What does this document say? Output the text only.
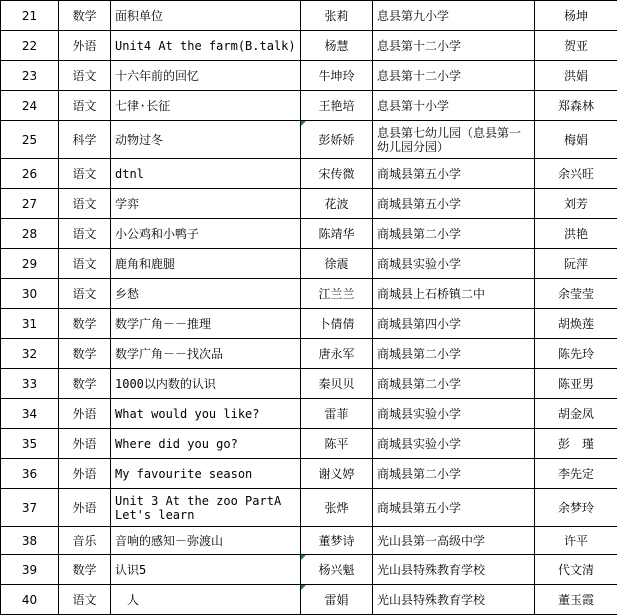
21	数学	面积单位	张莉	息县第九小学	杨坤
22	外语	Unit4 At the farm(B.talk)	杨慧	息县第十二小学	贺亚
23	语文	十六年前的回忆	牛坤玲	息县第十二小学	洪娟
24	语文	七律·长征	王艳培	息县第十小学	郑森林
25	科学	动物过冬	彭娇娇	息县第七幼儿园（息县第一幼儿园分园）	梅娟
26	语文	dtnl	宋传微	商城县第五小学	余兴旺
27	语文	学弈	花波	商城县第五小学	刘芳
28	语文	小公鸡和小鸭子	陈靖华	商城县第二小学	洪艳
29	语文	鹿角和鹿腿	徐震	商城县实验小学	阮萍
30	语文	乡愁	江兰兰	商城县上石桥镇二中	余莹莹
31	数学	数学广角－－推理	卜倩倩	商城县第四小学	胡焕莲
32	数学	数学广角－－找次品	唐永军	商城县第二小学	陈先玲
33	数学	1000以内数的认识	秦贝贝	商城县第二小学	陈亚男
34	外语	What would you like?	雷菲	商城县实验小学	胡金凤
35	外语	Where did you go?	陈平	商城县实验小学	彭　瑾
36	外语	My favourite season	谢义婷	商城县第二小学	李先定
37	外语	Unit 3 At the zoo PartA Let's learn	张烨	商城县第五小学	余梦玲
38	音乐	音响的感知－弥渡山	董梦诗	光山县第一高级中学	许平
39	数学	认识5	杨兴魁	光山县特殊教育学校	代文清
40	语文	　人	雷娟	光山县特殊教育学校	董玉霞
